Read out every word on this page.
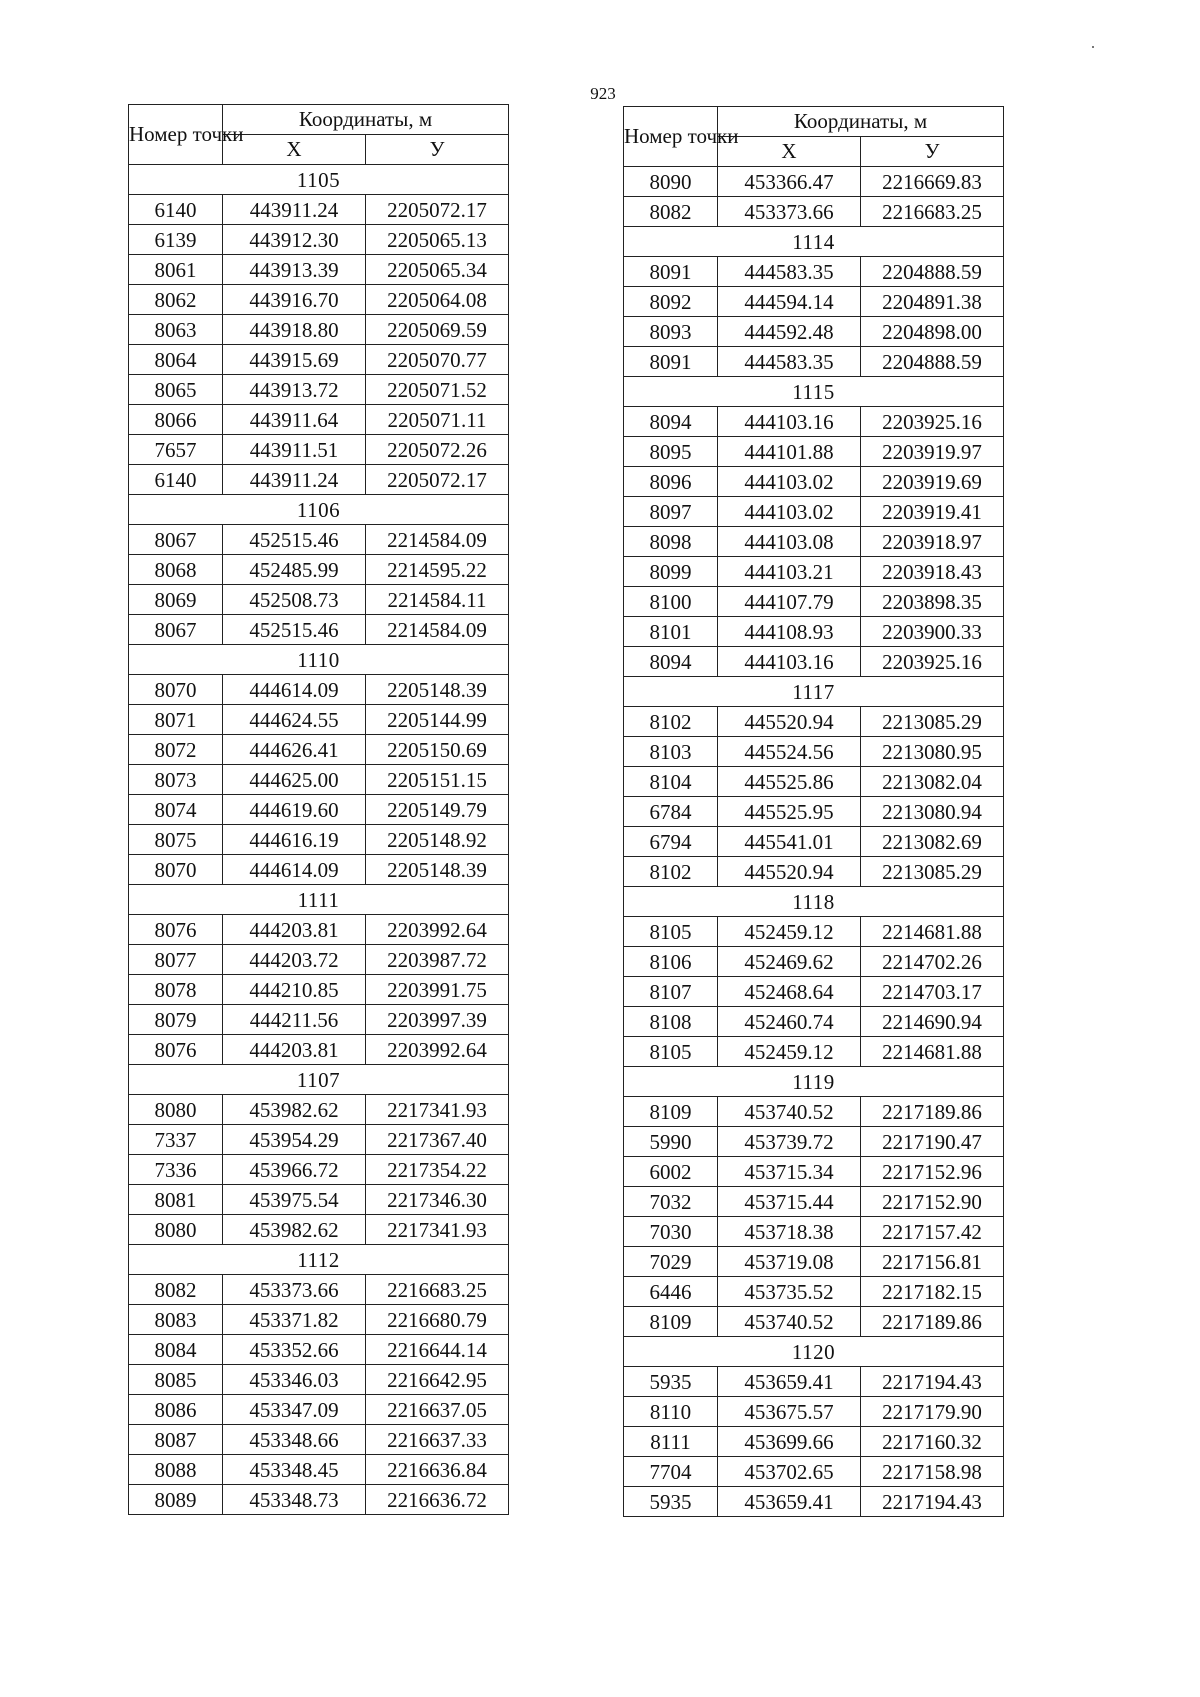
923
Номер точки	Координаты, м	
	X	У
1105		
6140	443911.24	2205072.17
6139	443912.30	2205065.13
8061	443913.39	2205065.34
8062	443916.70	2205064.08
8063	443918.80	2205069.59
8064	443915.69	2205070.77
8065	443913.72	2205071.52
8066	443911.64	2205071.11
7657	443911.51	2205072.26
6140	443911.24	2205072.17
1106		
8067	452515.46	2214584.09
8068	452485.99	2214595.22
8069	452508.73	2214584.11
8067	452515.46	2214584.09
1110		
8070	444614.09	2205148.39
8071	444624.55	2205144.99
8072	444626.41	2205150.69
8073	444625.00	2205151.15
8074	444619.60	2205149.79
8075	444616.19	2205148.92
8070	444614.09	2205148.39
1111		
8076	444203.81	2203992.64
8077	444203.72	2203987.72
8078	444210.85	2203991.75
8079	444211.56	2203997.39
8076	444203.81	2203992.64
1107		
8080	453982.62	2217341.93
7337	453954.29	2217367.40
7336	453966.72	2217354.22
8081	453975.54	2217346.30
8080	453982.62	2217341.93
1112		
8082	453373.66	2216683.25
8083	453371.82	2216680.79
8084	453352.66	2216644.14
8085	453346.03	2216642.95
8086	453347.09	2216637.05
8087	453348.66	2216637.33
8088	453348.45	2216636.84
8089	453348.73	2216636.72
Номер точки	Координаты, м	
	X	У
8090	453366.47	2216669.83
8082	453373.66	2216683.25
1114		
8091	444583.35	2204888.59
8092	444594.14	2204891.38
8093	444592.48	2204898.00
8091	444583.35	2204888.59
1115		
8094	444103.16	2203925.16
8095	444101.88	2203919.97
8096	444103.02	2203919.69
8097	444103.02	2203919.41
8098	444103.08	2203918.97
8099	444103.21	2203918.43
8100	444107.79	2203898.35
8101	444108.93	2203900.33
8094	444103.16	2203925.16
1117		
8102	445520.94	2213085.29
8103	445524.56	2213080.95
8104	445525.86	2213082.04
6784	445525.95	2213080.94
6794	445541.01	2213082.69
8102	445520.94	2213085.29
1118		
8105	452459.12	2214681.88
8106	452469.62	2214702.26
8107	452468.64	2214703.17
8108	452460.74	2214690.94
8105	452459.12	2214681.88
1119		
8109	453740.52	2217189.86
5990	453739.72	2217190.47
6002	453715.34	2217152.96
7032	453715.44	2217152.90
7030	453718.38	2217157.42
7029	453719.08	2217156.81
6446	453735.52	2217182.15
8109	453740.52	2217189.86
1120		
5935	453659.41	2217194.43
8110	453675.57	2217179.90
8111	453699.66	2217160.32
7704	453702.65	2217158.98
5935	453659.41	2217194.43
